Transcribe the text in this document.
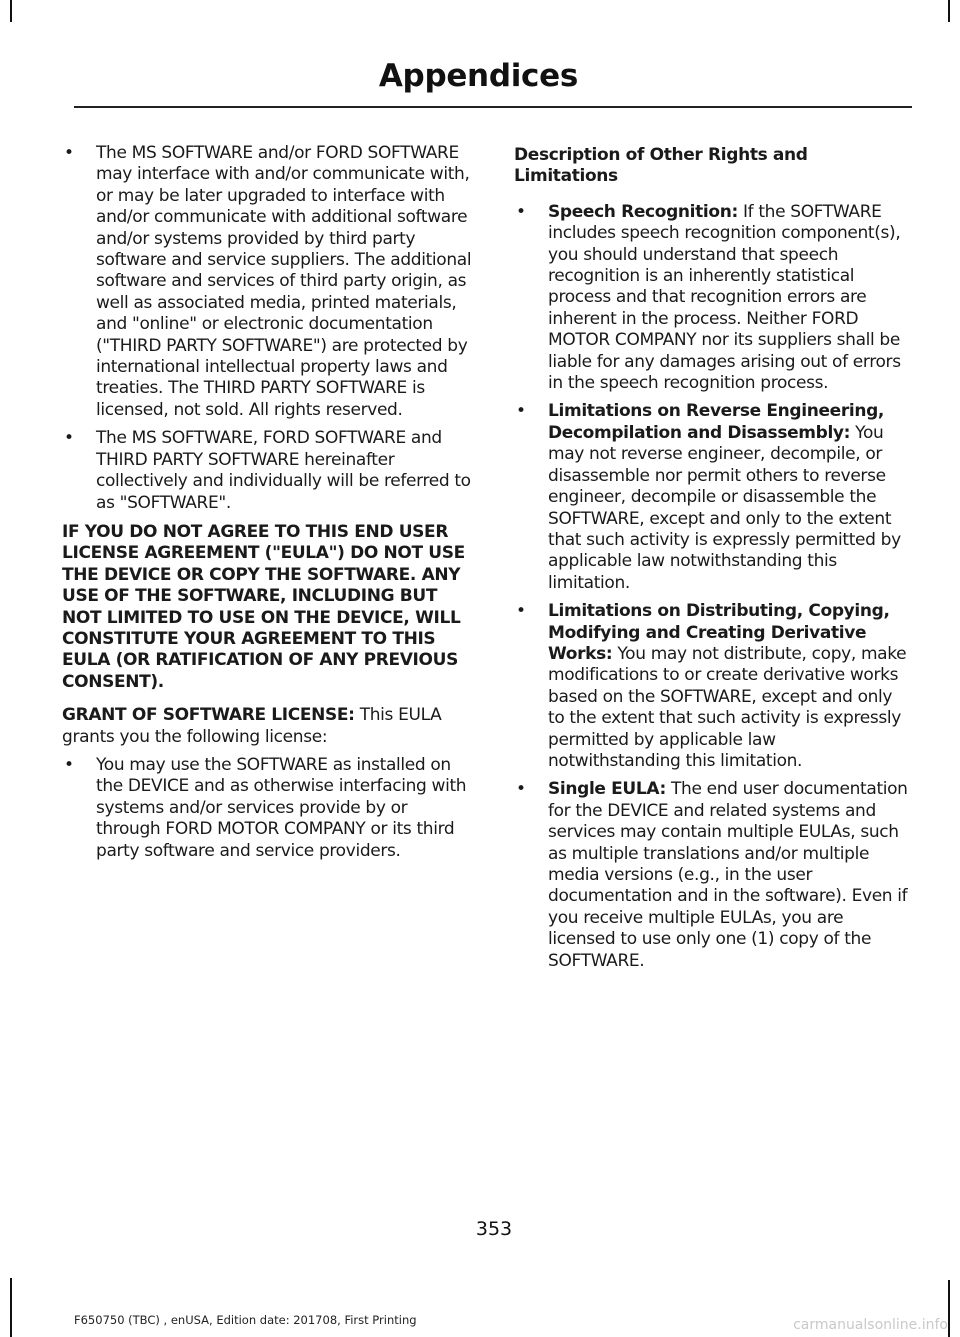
Appendices
• The MS SOFTWARE and/or FORD SOFTWARE may interface with and/or communicate with, or may be later upgraded to interface with and/or communicate with additional software and/or systems provided by third party software and service suppliers. The additional software and services of third party origin, as well as associated media, printed materials, and "online" or electronic documentation ("THIRD PARTY SOFTWARE") are protected by international intellectual property laws and treaties. The THIRD PARTY SOFTWARE is licensed, not sold. All rights reserved.
• The MS SOFTWARE, FORD SOFTWARE and THIRD PARTY SOFTWARE hereinafter collectively and individually will be referred to as "SOFTWARE".

IF YOU DO NOT AGREE TO THIS END USER LICENSE AGREEMENT ("EULA") DO NOT USE THE DEVICE OR COPY THE SOFTWARE. ANY USE OF THE SOFTWARE, INCLUDING BUT NOT LIMITED TO USE ON THE DEVICE, WILL CONSTITUTE YOUR AGREEMENT TO THIS EULA (OR RATIFICATION OF ANY PREVIOUS CONSENT).

GRANT OF SOFTWARE LICENSE: This EULA grants you the following license:

• You may use the SOFTWARE as installed on the DEVICE and as otherwise interfacing with systems and/or services provide by or through FORD MOTOR COMPANY or its third party software and service providers.

Description of Other Rights and Limitations

• Speech Recognition: If the SOFTWARE includes speech recognition component(s), you should understand that speech recognition is an inherently statistical process and that recognition errors are inherent in the process. Neither FORD MOTOR COMPANY nor its suppliers shall be liable for any damages arising out of errors in the speech recognition process.
• Limitations on Reverse Engineering, Decompilation and Disassembly: You may not reverse engineer, decompile, or disassemble nor permit others to reverse engineer, decompile or disassemble the SOFTWARE, except and only to the extent that such activity is expressly permitted by applicable law notwithstanding this limitation.
• Limitations on Distributing, Copying, Modifying and Creating Derivative Works: You may not distribute, copy, make modifications to or create derivative works based on the SOFTWARE, except and only to the extent that such activity is expressly permitted by applicable law notwithstanding this limitation.
• Single EULA: The end user documentation for the DEVICE and related systems and services may contain multiple EULAs, such as multiple translations and/or multiple media versions (e.g., in the user documentation and in the software). Even if you receive multiple EULAs, you are licensed to use only one (1) copy of the SOFTWARE.
353
F650750 (TBC) , enUSA, Edition date: 201708, First Printing	carmanualsonline.info
